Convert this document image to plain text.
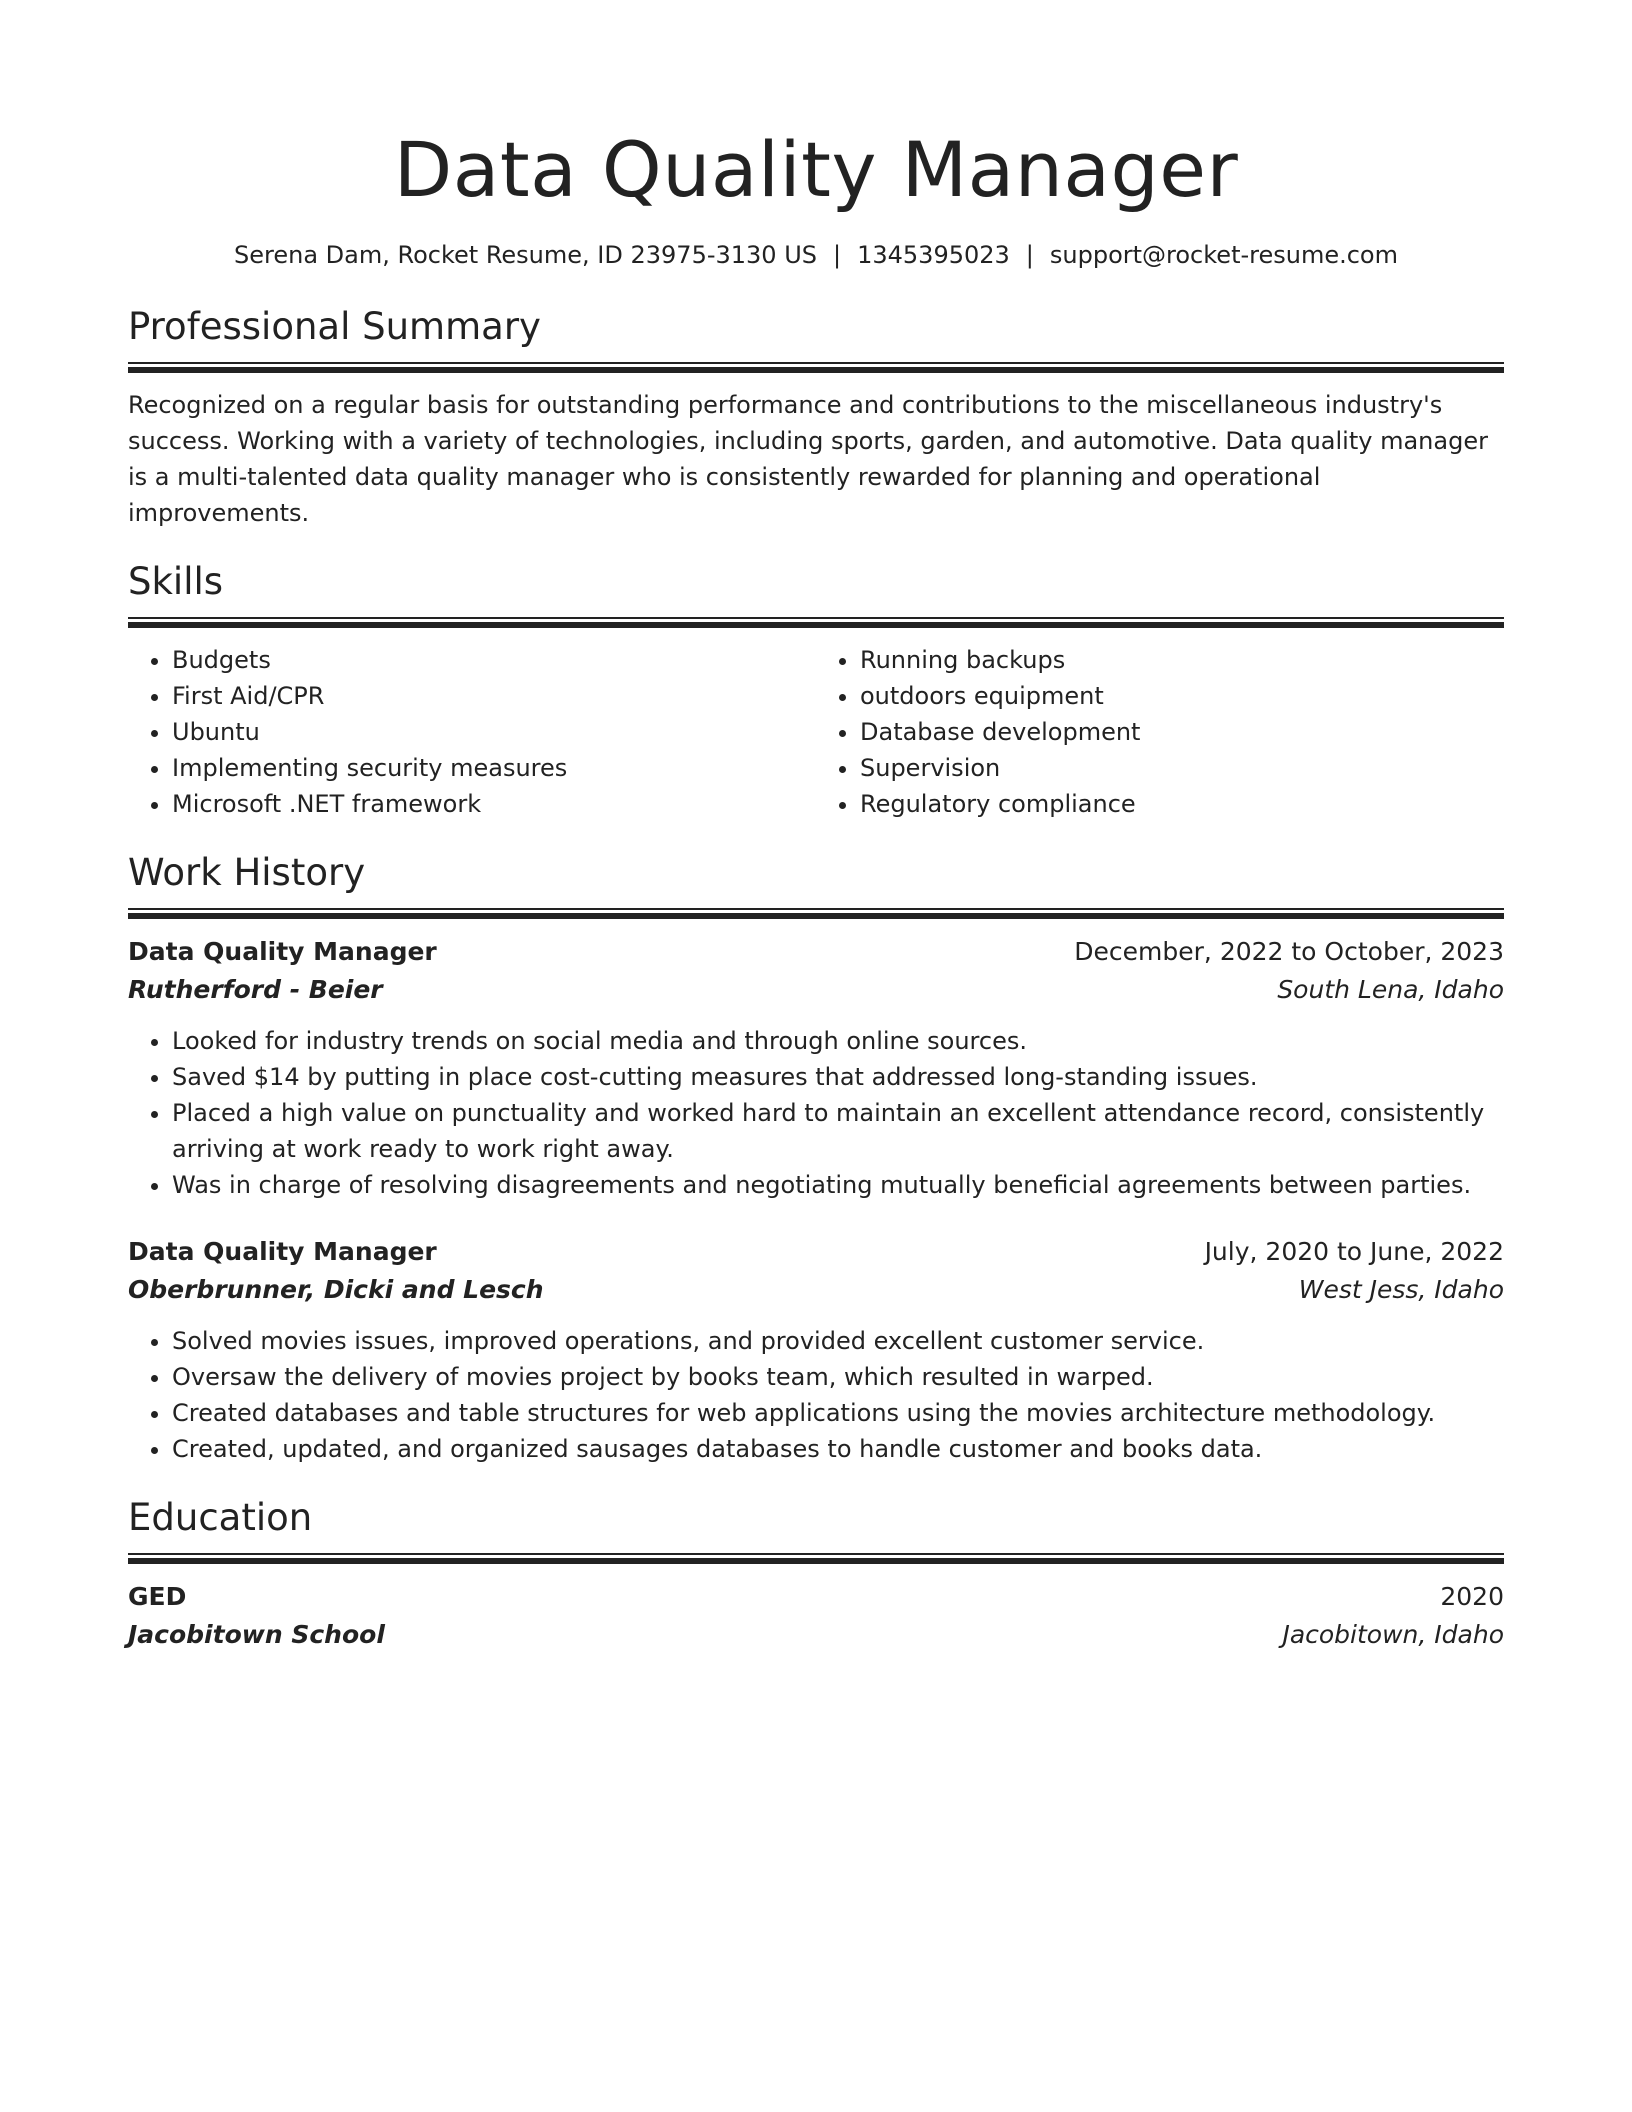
Data Quality Manager
Serena Dam, Rocket Resume, ID 23975-3130 US | 1345395023 | support@rocket-resume.com
Professional Summary
Recognized on a regular basis for outstanding performance and contributions to the miscellaneous industry's success. Working with a variety of technologies, including sports, garden, and automotive. Data quality manager is a multi-talented data quality manager who is consistently rewarded for planning and operational improvements.
Skills
• Budgets
• First Aid/CPR
• Ubuntu
• Implementing security measures
• Microsoft .NET framework
• Running backups
• outdoors equipment
• Database development
• Supervision
• Regulatory compliance
Work History
Data Quality Manager	December, 2022 to October, 2023
Rutherford - Beier	South Lena, Idaho
• Looked for industry trends on social media and through online sources.
• Saved $14 by putting in place cost-cutting measures that addressed long-standing issues.
• Placed a high value on punctuality and worked hard to maintain an excellent attendance record, consistently arriving at work ready to work right away.
• Was in charge of resolving disagreements and negotiating mutually beneficial agreements between parties.
Data Quality Manager	July, 2020 to June, 2022
Oberbrunner, Dicki and Lesch	West Jess, Idaho
• Solved movies issues, improved operations, and provided excellent customer service.
• Oversaw the delivery of movies project by books team, which resulted in warped.
• Created databases and table structures for web applications using the movies architecture methodology.
• Created, updated, and organized sausages databases to handle customer and books data.
Education
GED	2020
Jacobitown School	Jacobitown, Idaho
